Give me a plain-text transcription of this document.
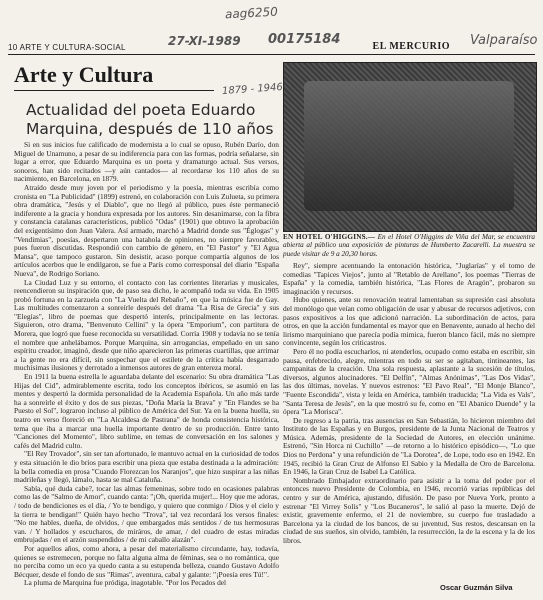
aag6250
27-XI-1989 00175184	Valparaíso
1879 - 1946
10 ARTE Y CULTURA-SOCIAL	EL MERCURIO
Arte y Cultura
Actualidad del poeta Eduardo Marquina, después de 110 años

Si en sus inicios fue calificado de modernista a lo cual se opuso, Rubén Darío, don Miguel de Unamuno, a pesar de su indiferencia para con las formas, podría señalarse, sin lugar a error, que Eduardo Marquina es un poeta y dramaturgo actual. Sus versos, sonoros, han sido recitados —y aún cantados— al recordarse los 110 años de su nacimiento, en Barcelona, en 1879.

Atraído desde muy joven por el periodismo y la poesía, mientras escribía como cronista en "La Publicidad" (1899) estrenó, en colaboración con Luis Zulueta, su primera obra dramática, "Jesús y el Diablo", que no llegó al público, pues éste permaneció indiferente a la gracia y hondura expresada por los autores. Sin desanimarse, con la fibra y constancia catalanas característicos, publicó "Odas" (1901) que obtuvo la aprobación del exigentísimo don Juan Valera. Así armado, marchó a Madrid donde sus "Églogas" y "Vendimias", poesías, despertaron una batahola de opiniones, no siempre favorables, pues fueron discutidas. Respondió con cambio de género, en "El Pastor" y "El Agua Mansa", que tampoco gustaron. Sin desistir, acaso porque compartía algunos de los artículos acerbos que le endilgaron, se fue a París como corresponsal del diario "España Nueva", de Rodrigo Soriano.

La Ciudad Luz y su entorno, el contacto con las corrientes literarias y musicales, reencendieron su inspiración que, de paso sea dicho, le acompañó toda su vida. En 1905 probó fortuna en la zarzuela con "La Vuelta del Rebaño", en que la música fue de Gay. Las multitudes comenzaron a sonreírle después del drama "La Risa de Grecia" y sus "Elegías", libro de poemas que despertó interés, principalmente en las lectoras. Siguieron, otro drama, "Benvenuto Cellini" y la ópera "Emporium", con partitura de Morera, que logró que fuese reconocida su versatilidad. Corría 1908 y todavía no se tenía el nombre que anhelábamos. Porque Marquina, sin arrogancias, empeñado en un sano espíritu creador, imaginó, desde que niño aparecieron las primeras cuartillas, que arrimar a la gente no era difícil, sin sospechar que el estilete de la crítica había desgarrado muchísimas ilusiones y derrotado a inmensos autores de gran entereza moral.

En 1911 la buena estrella le aguardaba delante del escenario: Su obra dramática "Las Hijas del Cid", admirablemente escrita, todo los conceptos ibéricos, se asumió en las mentes y despertó la dormida personalidad de la Academia Española. Un año más tarde ha a sonreírle el éxito y dos de sus piezas, "Doña María la Brava" y "En Flandes se ha Puesto el Sol", lograron incluso al público de América del Sur. Ya en la buena huella, su teatro en verso floreció en "La Alcaldesa de Pastrana" de honda consistencia histórica, tema que iba a marcar una huella importante dentro de su producción. Entre tanto "Canciones del Momento", libro sublime, en temas de conversación en los salones y cafés del Madrid culto.

"El Rey Trovador", sin ser tan afortunado, le mantuvo actual en la curiosidad de todos y esta situación le dio bríos para escribir una pieza que estaba destinada a la admiración: la bella comedia en prosa "Cuando Florezcan los Naranjos", que hizo suspirar a las niñas madrileñas y llegó, lámalo, hasta se mal Cataluña.

Sabía, qué duda cabe?, tocar las almas femeninas, sobre todo en ocasiones palabras como las de "Salmo de Amor", cuando canta: "¡Oh, querida mujer!... Hoy que me adoras, / todo de bendiciones es el día, / Yo te bendigo, y quiero que conmigo / Dios y el cielo y la tierra te bendigan!" Quién hayo hecho "Trova", tal vez recordará los versos finales: "No me hables, dueña, de olvidos, / que embargados más sentidos / de tus hermosuras van. / Y hollados y escucharos, de miráros, de amar, / del cuadro de estas miradas embrujadas / en el arzón suspendidos / de mi caballo alazán".

Por aquellos años, como ahora, a pesar del materialismo circundante, hay, todavía, quienes se estremecen, porque no falta alguna alma de féminas, sea o no romántica, que no perciba como un eco ya quedo canta a su estupenda belleza, cuando Gustavo Adolfo Bécquer, desde el fondo de sus "Rimas", aventura, cabal y galante: "¡Poesía eres Tú!".

La pluma de Marquina fue pródiga, inagotable. "Por los Pecados del

EN HOTEL O'HIGGINS.— En el Hotel O'Higgins de Viña del Mar, se encuentra abierta al público una exposición de pinturas de Humberto Zacarelli. La muestra se puede visitar de 9 a 20,30 horas.

Rey", siempre acentuando la entonación histórica, "Juglarías" y el tomo de comedias "Tapices Viejos", junto al "Retablo de Arellano", los poemas "Tierras de España" y la comedia, también histórica, "Las Flores de Aragón", probaron su imaginación y recursos.

Hubo quienes, ante su renovación teatral lamentaban su supresión casi absoluta del monólogo que veían como obligación de usar y abusar de recursos adjetivos, con pasos expositivos a los que adicionó narración. La subordinación de actos, para otros, en que la acción fundamental es mayor que en Benavente, aunado al hecho del lirismo marquiniano que parecía podía mimica, fueron blanco fácil, más no siempre convincente, según los criticastros.

Pero él no podía escucharlos, ni atenderlos, ocupado como estaba en escribir, sin pausa, enfebrecido, alegre, mientras en todo su ser se agitaban, tintineantes, las campanitas de la creación. Una sola respuesta, aplastante a la sucesión de títulos, diversos, algunos alucinadores. "El Delfín", "Almas Anónimas", "Las Dos Vidas", las dos últimas, novelas. Y nuevos estrenos: "El Pavo Real", "El Monje Blanco", "Fuente Escondida", vista y leída en América, también traducida; "La Vida es Vals", "Santa Teresa de Jesús", en la que mostró su fe, como en "El Abanico Duende" y la ópera "La Morisca".

De regreso a la patria, tras ausencias en San Sebastián, lo hicieron miembro del Instituto de las Españas y en Burgos, presidente de la Junta Nacional de Teatros y Música. Además, presidente de la Sociedad de Autores, en elección unánime. Estrenó, "Sin Horca ni Cuchillo" —de retorno a lo histórico episódico—, "Lo que Dios no Perdona" y una refundición de "La Dorotea", de Lope, todo eso en 1942. En 1945, recibió la Gran Cruz de Alfonso El Sabio y la Medalla de Oro de Barcelona. En 1946, la Gran Cruz de Isabel La Católica.

Nombrado Embajador extraordinario para asistir a la toma del poder por el entonces nuevo Presidente de Colombia, en 1946, recorrió varias repúblicas del centro y sur de América, ajustando, difusión. De paso por Nueva York, pronto a estrenar "El Virrey Solís" y "Los Bucaneros", le salió al paso la muerte. Dejó de existir, gravemente enfermo, el 21 de noviembre, su cuerpo fue trasladado a Barcelona ya la ciudad de los bancos, de su juventud, Sus restos, descansan en la ciudad de sus sueños, sin olvido, también, la resurrección, la de la escena y la de los libros.

Oscar Guzmán Silva
